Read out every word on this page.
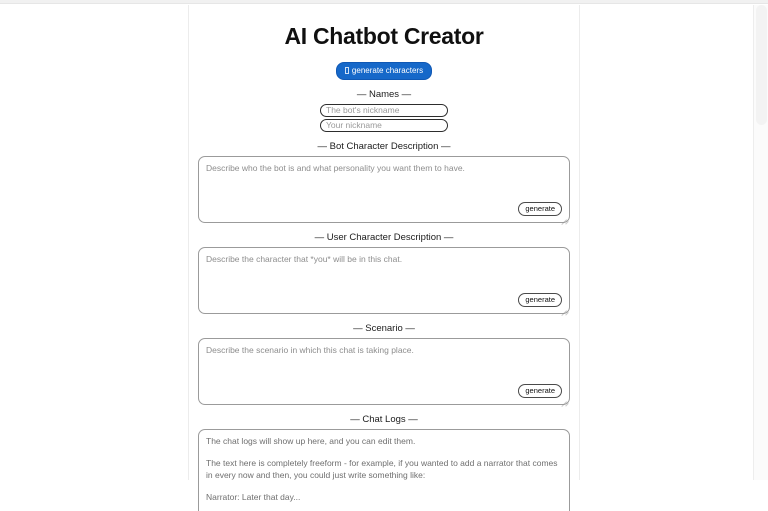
AI Chatbot Creator
generate characters
— Names —
The bot's nickname
Your nickname
— Bot Character Description —
Describe who the bot is and what personality you want them to have.
generate
— User Character Description —
Describe the character that *you* will be in this chat.
generate
— Scenario —
Describe the scenario in which this chat is taking place.
generate
— Chat Logs —

The chat logs will show up here, and you can edit them.

The text here is completely freeform - for example, if you wanted to add a narrator that comes in every now and then, you could just write something like:

Narrator: Later that day...
